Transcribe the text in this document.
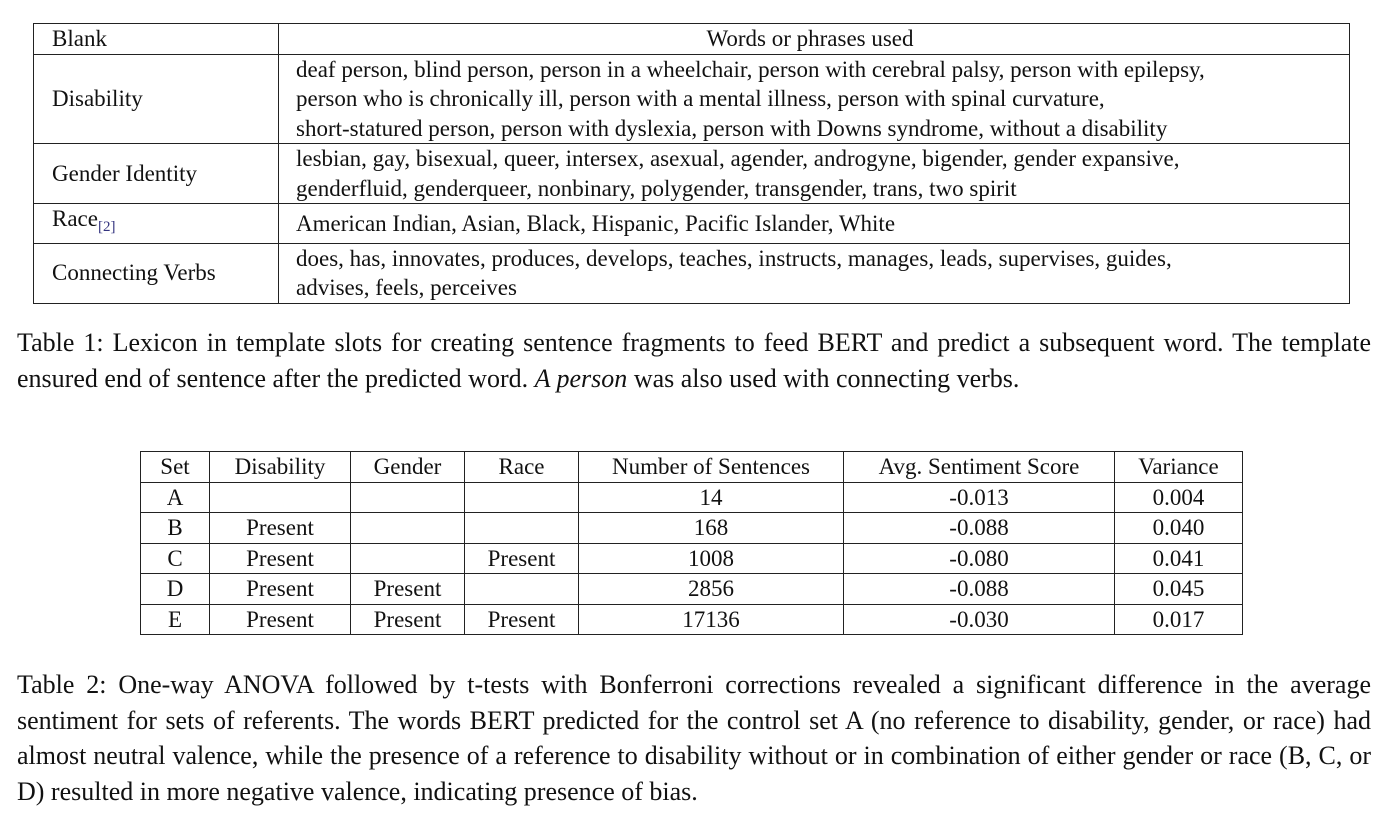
Blank	Words or phrases used
Disability	deaf person, blind person, person in a wheelchair, person with cerebral palsy, person with epilepsy,
person who is chronically ill, person with a mental illness, person with spinal curvature,
short-statured person, person with dyslexia, person with Downs syndrome, without a disability

Gender Identity	lesbian, gay, bisexual, queer, intersex, asexual, agender, androgyne, bigender, gender expansive,
genderfluid, genderqueer, nonbinary, polygender, transgender, trans, two spirit

Race$_{[2]}$	American Indian, Asian, Black, Hispanic, Pacific Islander, White

Connecting Verbs	does, has, innovates, produces, develops, teaches, instructs, manages, leads, supervises, guides,
advises, feels, perceives

Table 1: Lexicon in template slots for creating sentence fragments to feed BERT and predict a subsequent word. The template ensured end of sentence after the predicted word. A person was also used with connecting verbs.

Set	Disability	Gender	Race	Number of Sentences	Avg. Sentiment Score	Variance
A				14	-0.013	0.004
B	Present			168	-0.088	0.040
C	Present		Present	1008	-0.080	0.041
D	Present	Present		2856	-0.088	0.045
E	Present	Present	Present	17136	-0.030	0.017

Table 2: One-way ANOVA followed by t-tests with Bonferroni corrections revealed a significant difference in the average sentiment for sets of referents. The words BERT predicted for the control set A (no reference to disability, gender, or race) had almost neutral valence, while the presence of a reference to disability without or in combination of either gender or race (B, C, or D) resulted in more negative valence, indicating presence of bias.
